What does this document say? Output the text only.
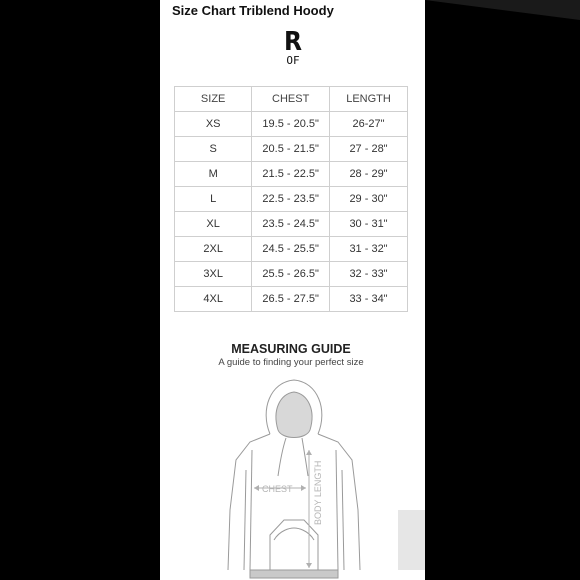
Size Chart Triblend Hoody
R
OF
SIZE	CHEST	LENGTH
XS	19.5 - 20.5"	26-27"
S	20.5 - 21.5"	27 - 28"
M	21.5 - 22.5"	28 - 29"
L	22.5 - 23.5"	29 - 30"
XL	23.5 - 24.5"	30 - 31"
2XL	24.5 - 25.5"	31 - 32"
3XL	25.5 - 26.5"	32 - 33"
4XL	26.5 - 27.5"	33 - 34"
MEASURING GUIDE
A guide to finding your perfect size
CHEST BODY LENGTH
